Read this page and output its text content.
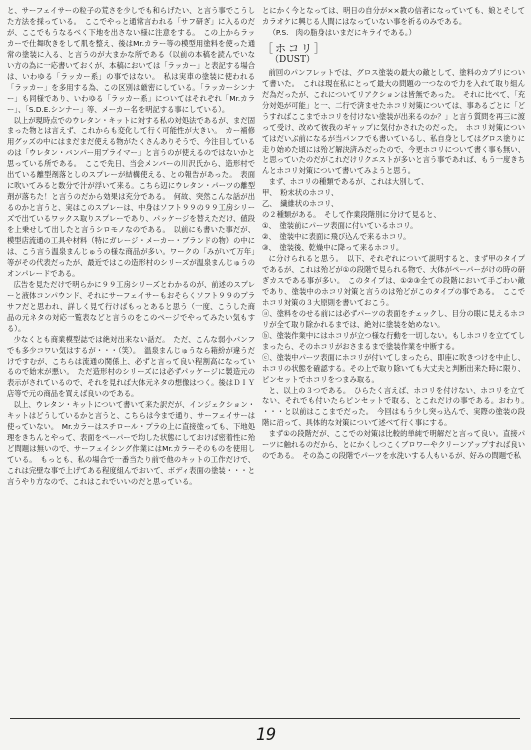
と、サーフェイサーの粒子の荒さを少しでも和らげたい、と言う事でこうした方法を採っている。　ここでやっと通常言われる「サフ研ぎ」に入るのだが、ここでもうなるべく下地を出さない様に注意をする。　この上からラッカーで仕舞吹きをして肌を整え、後はMr.カラー等の模型用塗料を使った通常の塗装に入る、と言うのが大まかな所である（以前の本稿を読んでいない方の為に一応書いておくが、本稿においては「ラッカー」と表記する場合は、いわゆる「ラッカー系」の事ではない。　私は実車の塗装に使われる「ラッカー」を多用する為、この区別は厳密にしている。「ラッカーシンナー」も同様であり、いわゆる「ラッカー系」についてはそれぞれ「Mr.カラー」、「S.D.E.シンナー」等、メーカー名を明記する事にしている）。

以上が現時点でのウレタン・キットに対する私の対処法であるが、まだ固まった物とは言えず、これからも変化して行く可能性が大きい。　カー補修用グッズの中にはまだまだ使える物がたくさんありそうで、今注目しているのは「ウレタン・バンパー用プライマー」と言うのが使えるのではないかと思っている所である。　ここで先日、当会メンバーの川沢氏から、造形村で出ている離型剤落としのスプレーが結構使える、との報告があった。　表面に吹いてみると数分で汁が浮いて来る。こちら辺にウレタン・パーツの離型剤が落ちた！と言うのだから効果は充分である。　何故、突然こんな話が出るのかと言うと、実はこのスプレーは、中身はソフト９９の９９工房シリーズで出ているワックス取りスプレーであり、パッケージを替えただけ、値段を上乗せして出したと言うシロモノなのである。　以前にも書いた事だが、模型店流通の工具や材料（特にガレージ・メーカー・ブランドの物）の中には、こう言う温泉まんじゅうの様な商品が多い。ワークの「みがいて万年」等がその代表だったが、最近ではこの造形村のシリーズが温泉まんじゅうのオンパレードである。

広告を見ただけで明らかに９９工房シリーズとわかるのが、前述のスプレーと液体コンパウンド、それにサーフェイサーもおそらくソフト９９のプラサフだと思われ、詳しく見て行けばもっとあると思う（一度、こうした商品の元ネタの対応一覧表などと言うのをこのページでやってみたい気もする）。

少なくとも商業模型誌では絶対出来ない話だ。　ただ、こんな弱小パンフでも多少コワい気はするが・・・（笑）。　温泉まんじゅうなら箱紛が違うだけですむが、こちらは流通の関係上、必ずと言って良い程割高になっているので始末が悪い。　ただ造形村のシリーズには必ずパッケージに製造元の表示がされているので、それを見れば大体元ネタの想像はつく。後はＤＩＹ店等で元の商品を買えば良いのである。

以上、ウレタン・キットについて書いて来た訳だが、インジェクション・キットはどうしているかと言うと、こちらは今まで通り、サーフェイサーは使っていない。　Mr.カラーはスチロール・プラの上に直接塗っても、下地処理をきちんとやって、表面をペーパーで均した状態にしておけば密着性に殆ど問題は無いので、サーフェイシング作業にはMr.カラーそのものを使用している。　もっとも、私の場合で一番当たり前で他のキットの工作だけで、これは完壁な事で上げてある程度組んでおいて、ボディ表面の塗装・・・と言うやり方なので、これはこれでいいのだと思っている。

とにかく今となっては、明日の自分が××教の信者になっていても、娘とそしてカラオケに興じる人間にはなっていない事を祈るのみである。

（P.S.　肉の脂身はいまだにキライである。）

［ホコリ］
（DUST）

前回のパンフレットでは、グロス塗装の最大の敵として、塗料のカブリについて書いた。　これは現在私にとって最大の問題の一つなので力を入れて取り組んだ為だったが、これについてリアクションは皆無であった。　それに比べて、「充分対処が可能」と一、二行で済ませたホコリ対策については、事あるごとに「どうすればここまでホコリを付けない塗装が出来るのか？」と言う質問を再三に渡って受け、改めて彼我のギャップに気付かされたのだった。　ホコリ対策についてはだいぶ前になるが当パンフでも書いているし、私自身としてはグロス塗りに走り始めた頃には殆ど解決済みだったので、今更ホコリについて書く事も無い、と思っていたのだがこれだけリクエストが多いと言う事であれば、もう一度きちんとホコリ対策について書いてみようと思う。

まず、ホコリの種類であるが、これは大別して、

甲、　粉末状のホコリ、

乙、　繊維状のホコリ、

の２種類がある。　そして作業段階別に分けて見ると、

①、　塗装前にパーツ表面に付いているホコリ。

②、　塗装中に表面に飛び込んで来るホコリ。

③、　塗装後、乾燥中に降って来るホコリ。

に分けられると思う。　以下、それぞれについて説明すると、まず甲のタイプであるが、これは殆どが①の段階で見られる物で、大体がペーパーがけの時の研ぎカスである事が多い。　このタイプは、①②③全ての段階において手ごわい敵であり、塗装中のホコリ対策と言うのは殆どがこのタイプの事である。　ここでホコリ対策の３大原則を書いておこう。

ⓐ、塗料をのせる前には必ずパーツの表面をチェックし、目分の眼に見えるホコリが全て取り除かれるまでは、絶対に塗装を始めない。

ⓑ、塗装作業中にはホコリが立つ様な行動を一切しない。もしホコリを立ててしまったら、そのホコリがおさまるまで塗装作業を中断する。

ⓒ、塗装中パーツ表面にホコリが付いてしまったら、即座に吹きつけを中止し、ホコリの状態を確認する。その上で取り除いても大丈夫と判断出来た時に限り、ピンセットでホコリをつまみ取る。

と、以上の３つである。　ひらたく言えば、ホコリを付けない、ホコリを立てない、それでも付いたらピンセットで取る、とこれだけの事である。おわり。　・・・と以前はここまでだった。　今回はもう少し突っ込んで、実際の塗装の段階に沿って、具体的な対策について述べて行く事にする。

まず①の段階だが、ここでの対策は比較的単純で明解だと言って良い。直接パーツに触れるのだから、とにかくしつこくブロワーやクリーンアップすれば良いのである。　その為この段階でパーツを水洗いする人もいるが、好みの問題で私

19
